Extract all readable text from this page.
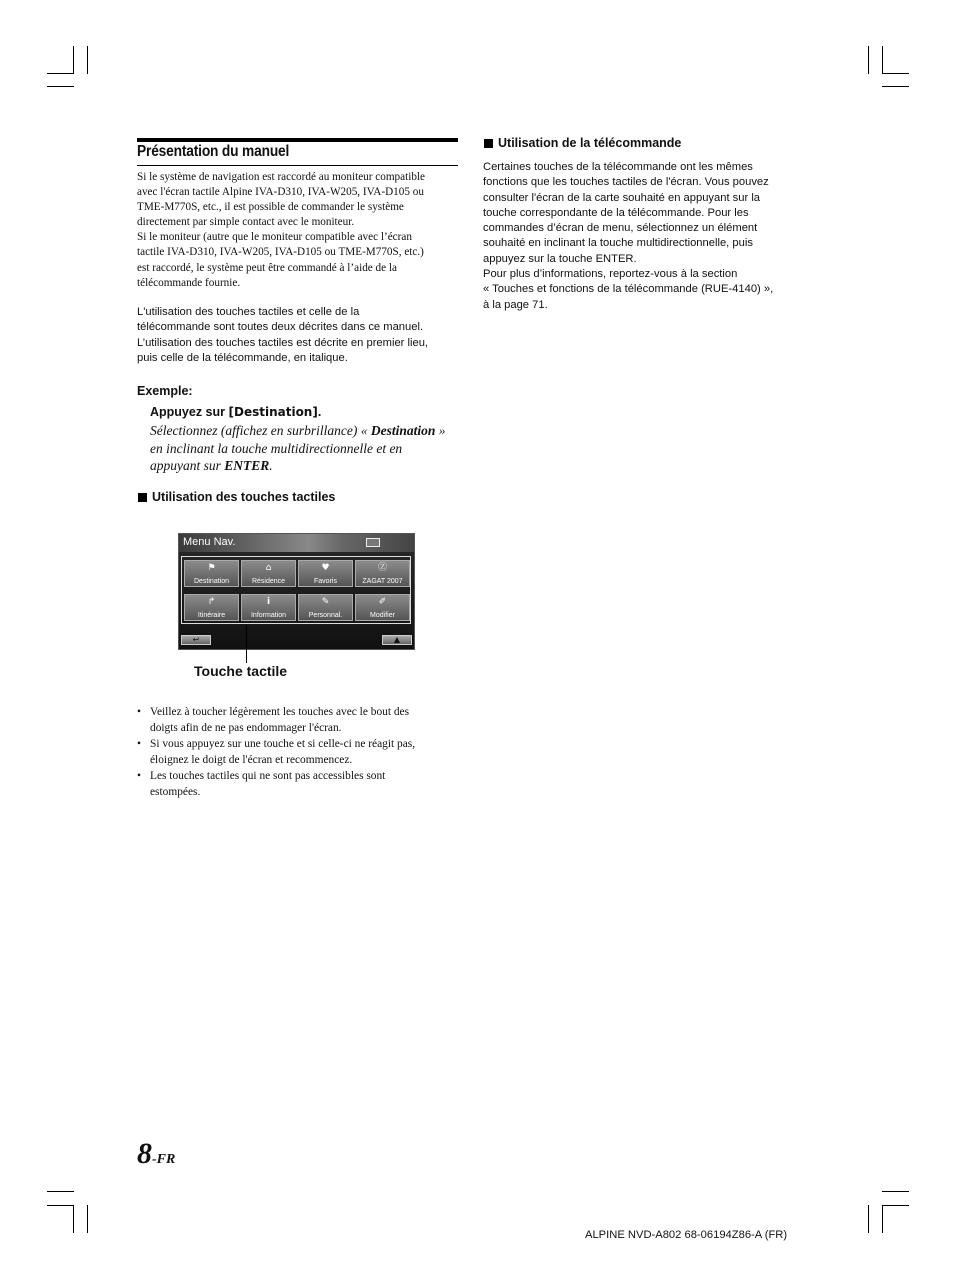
Présentation du manuel
Si le système de navigation est raccordé au moniteur compatible
avec l'écran tactile Alpine IVA-D310, IVA-W205, IVA-D105 ou
TME-M770S, etc., il est possible de commander le système
directement par simple contact avec le moniteur.
Si le moniteur (autre que le moniteur compatible avec l’écran
tactile IVA-D310, IVA-W205, IVA-D105 ou TME-M770S, etc.)
est raccordé, le système peut être commandé à l’aide de la
télécommande fournie.
L'utilisation des touches tactiles et celle de la
télécommande sont toutes deux décrites dans ce manuel.
L’utilisation des touches tactiles est décrite en premier lieu,
puis celle de la télécommande, en italique.
Exemple:
Appuyez sur [Destination].
Sélectionnez (affichez en surbrillance) « Destination »
en inclinant la touche multidirectionnelle et en
appuyant sur ENTER.
Utilisation des touches tactiles
Menu Nav.
⚑
Destination
⌂
Résidence
♥
Favoris
Ⓩ
ZAGAT 2007
↱
Itinéraire
i
Information
✎
Personnal.
✐
Modifier
↩	▲
Touche tactile
• Veillez à toucher légèrement les touches avec le bout des
doigts afin de ne pas endommager l'écran.
• Si vous appuyez sur une touche et si celle-ci ne réagit pas,
éloignez le doigt de l'écran et recommencez.
• Les touches tactiles qui ne sont pas accessibles sont
estompées.
Utilisation de la télécommande
Certaines touches de la télécommande ont les mêmes
fonctions que les touches tactiles de l'écran. Vous pouvez
consulter l'écran de la carte souhaité en appuyant sur la
touche correspondante de la télécommande. Pour les
commandes d’écran de menu, sélectionnez un élément
souhaité en inclinant la touche multidirectionnelle, puis
appuyez sur la touche ENTER.
Pour plus d’informations, reportez-vous à la section
« Touches et fonctions de la télécommande (RUE-4140) »,
à la page 71.
8-FR
ALPINE NVD-A802 68-06194Z86-A (FR)
